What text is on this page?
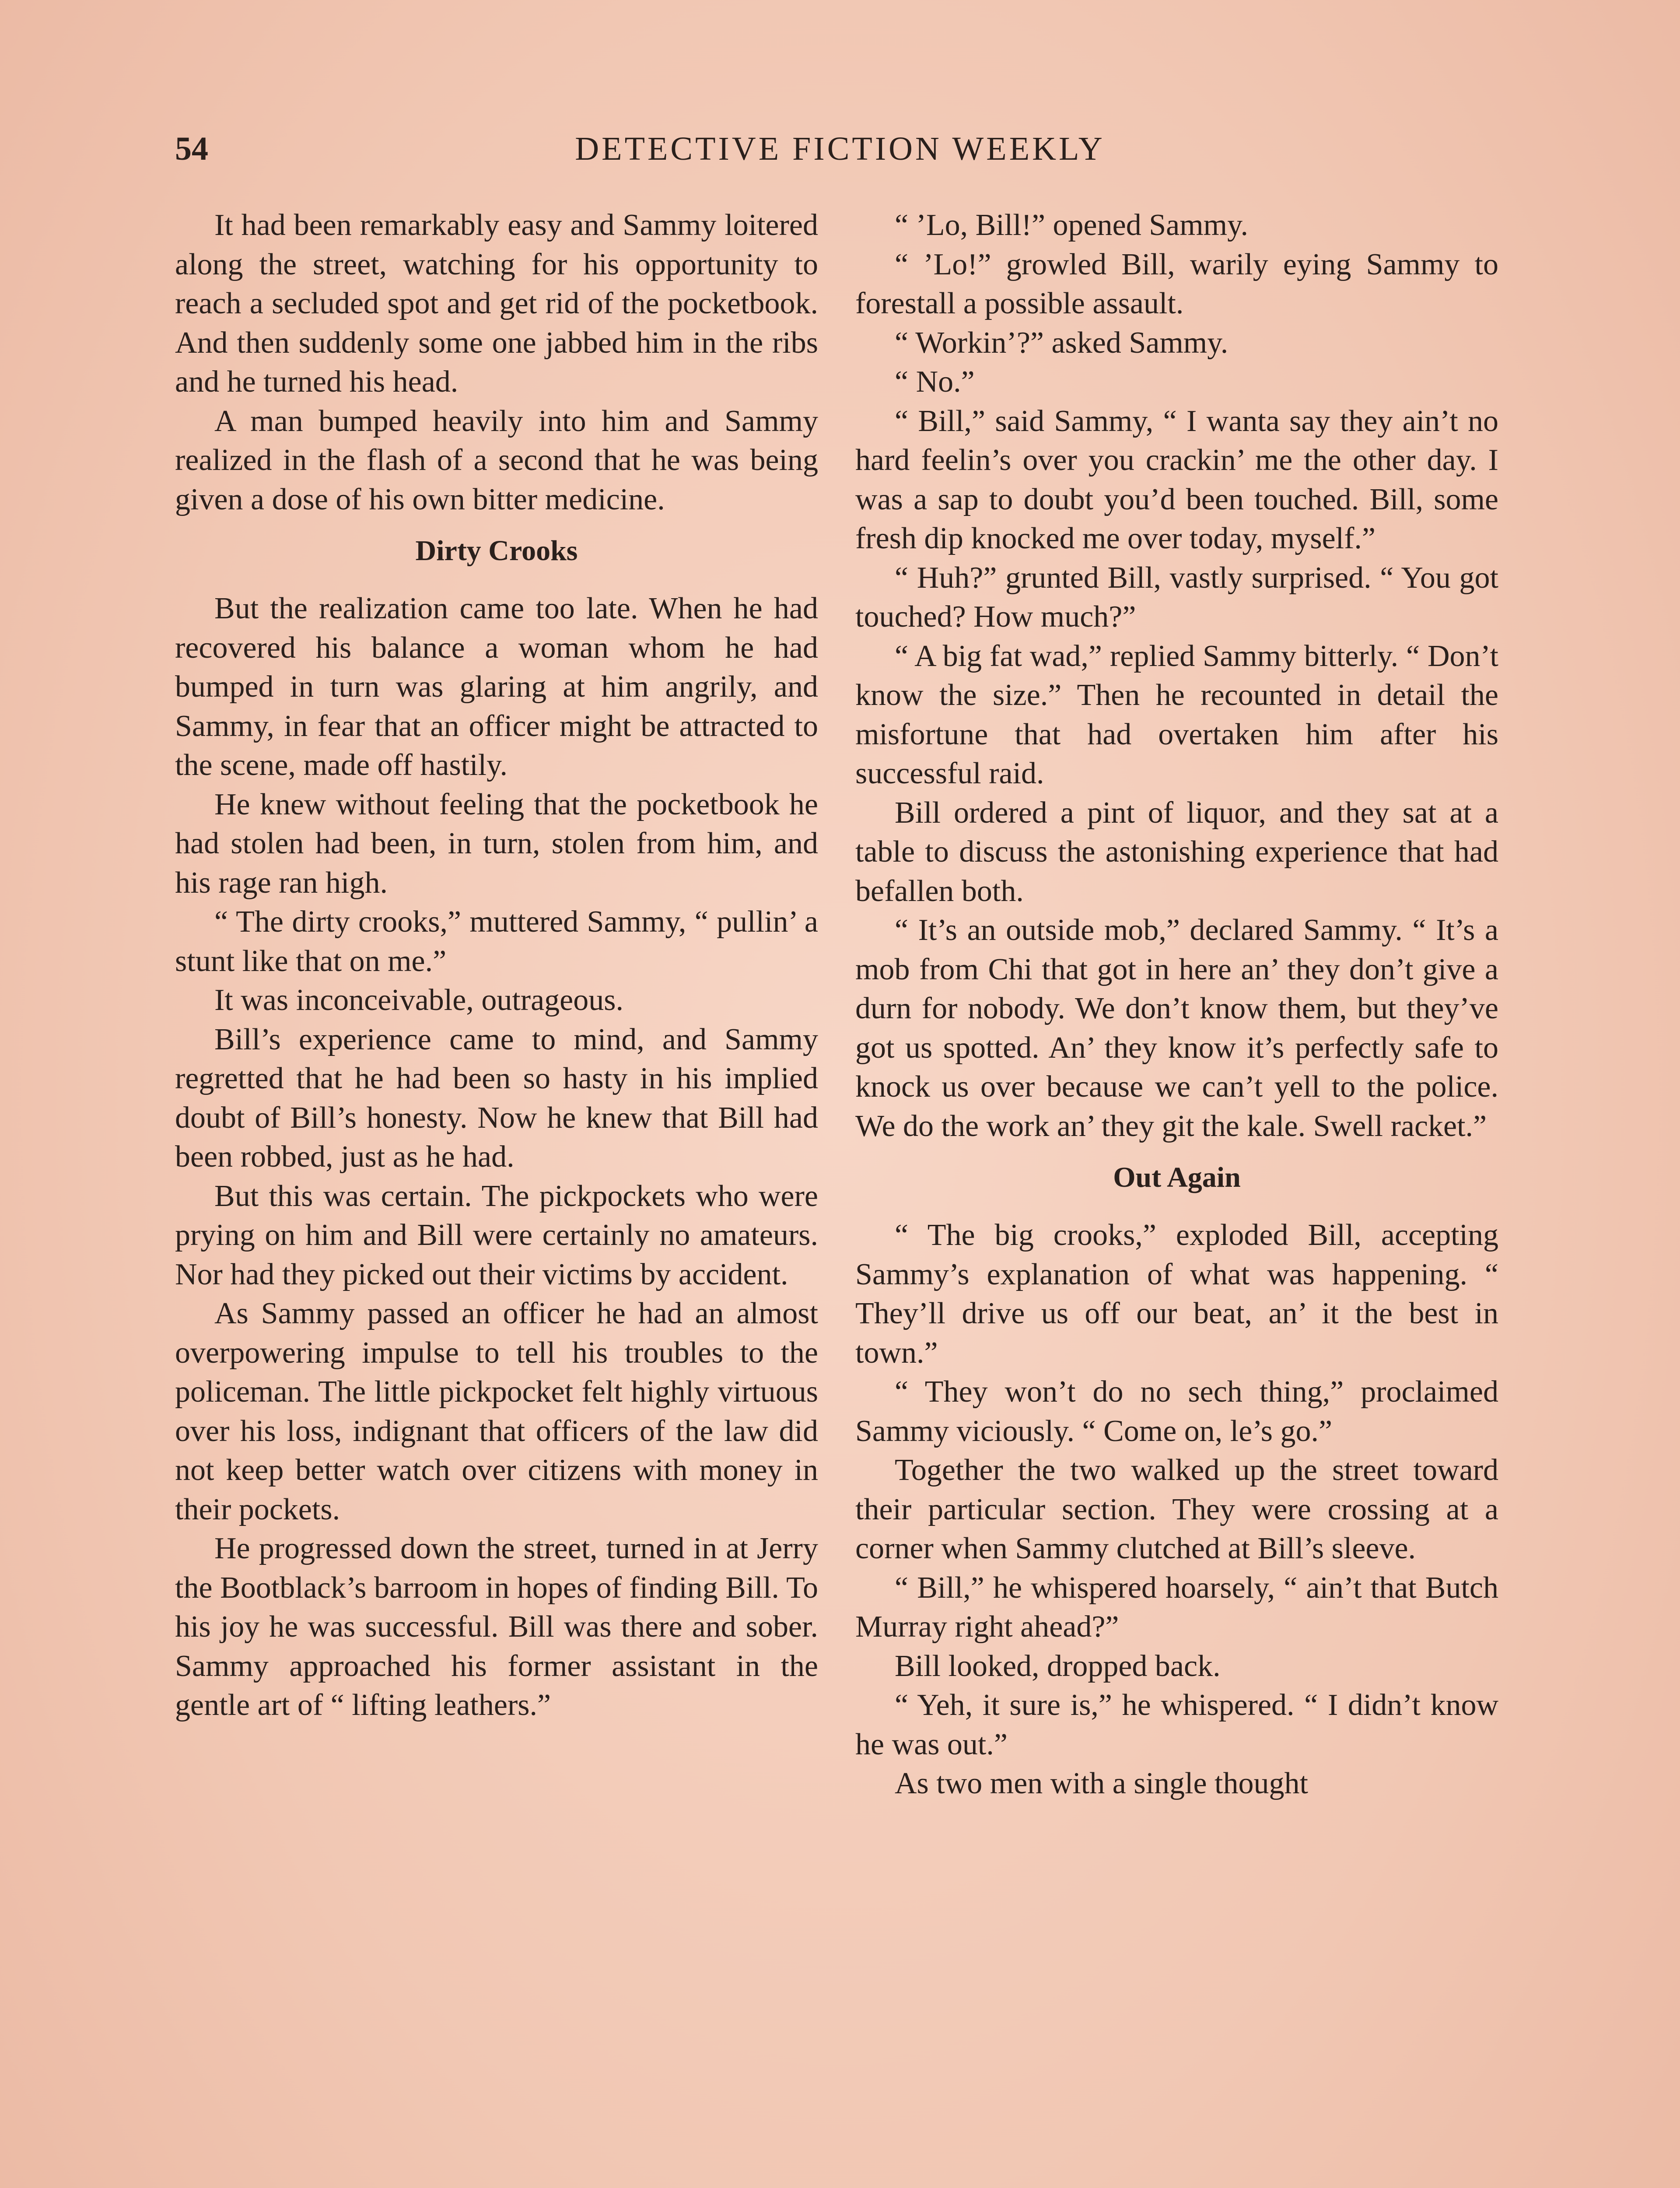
54	DETECTIVE FICTION WEEKLY

It had been remarkably easy and Sammy loitered along the street, watching for his opportunity to reach a secluded spot and get rid of the pocketbook. And then suddenly some one jabbed him in the ribs and he turned his head.

A man bumped heavily into him and Sammy realized in the flash of a second that he was being given a dose of his own bitter medicine.

Dirty Crooks

But the realization came too late. When he had recovered his balance a woman whom he had bumped in turn was glaring at him angrily, and Sammy, in fear that an officer might be attracted to the scene, made off hastily.

He knew without feeling that the pocketbook he had stolen had been, in turn, stolen from him, and his rage ran high.

“ The dirty crooks,” muttered Sammy, “ pullin’ a stunt like that on me.”

It was inconceivable, outrageous.

Bill’s experience came to mind, and Sammy regretted that he had been so hasty in his implied doubt of Bill’s honesty. Now he knew that Bill had been robbed, just as he had.

But this was certain. The pickpockets who were prying on him and Bill were certainly no amateurs. Nor had they picked out their victims by accident.

As Sammy passed an officer he had an almost overpowering impulse to tell his troubles to the policeman. The little pickpocket felt highly virtuous over his loss, indignant that officers of the law did not keep better watch over citizens with money in their pockets.

He progressed down the street, turned in at Jerry the Bootblack’s barroom in hopes of finding Bill. To his joy he was successful. Bill was there and sober. Sammy approached his former assistant in the gentle art of “ lifting leathers.”

“ ’Lo, Bill!” opened Sammy.

“ ’Lo!” growled Bill, warily eying Sammy to forestall a possible assault.

“ Workin’?” asked Sammy.

“ No.”

“ Bill,” said Sammy, “ I wanta say they ain’t no hard feelin’s over you crackin’ me the other day. I was a sap to doubt you’d been touched. Bill, some fresh dip knocked me over today, myself.”

“ Huh?” grunted Bill, vastly surprised. “ You got touched? How much?”

“ A big fat wad,” replied Sammy bitterly. “ Don’t know the size.” Then he recounted in detail the misfortune that had overtaken him after his successful raid.

Bill ordered a pint of liquor, and they sat at a table to discuss the astonishing experience that had befallen both.

“ It’s an outside mob,” declared Sammy. “ It’s a mob from Chi that got in here an’ they don’t give a durn for nobody. We don’t know them, but they’ve got us spotted. An’ they know it’s perfectly safe to knock us over because we can’t yell to the police. We do the work an’ they git the kale. Swell racket.”

Out Again

“ The big crooks,” exploded Bill, accepting Sammy’s explanation of what was happening. “ They’ll drive us off our beat, an’ it the best in town.”

“ They won’t do no sech thing,” proclaimed Sammy viciously. “ Come on, le’s go.”

Together the two walked up the street toward their particular section. They were crossing at a corner when Sammy clutched at Bill’s sleeve.

“ Bill,” he whispered hoarsely, “ ain’t that Butch Murray right ahead?”

Bill looked, dropped back.

“ Yeh, it sure is,” he whispered. “ I didn’t know he was out.”

As two men with a single thought
